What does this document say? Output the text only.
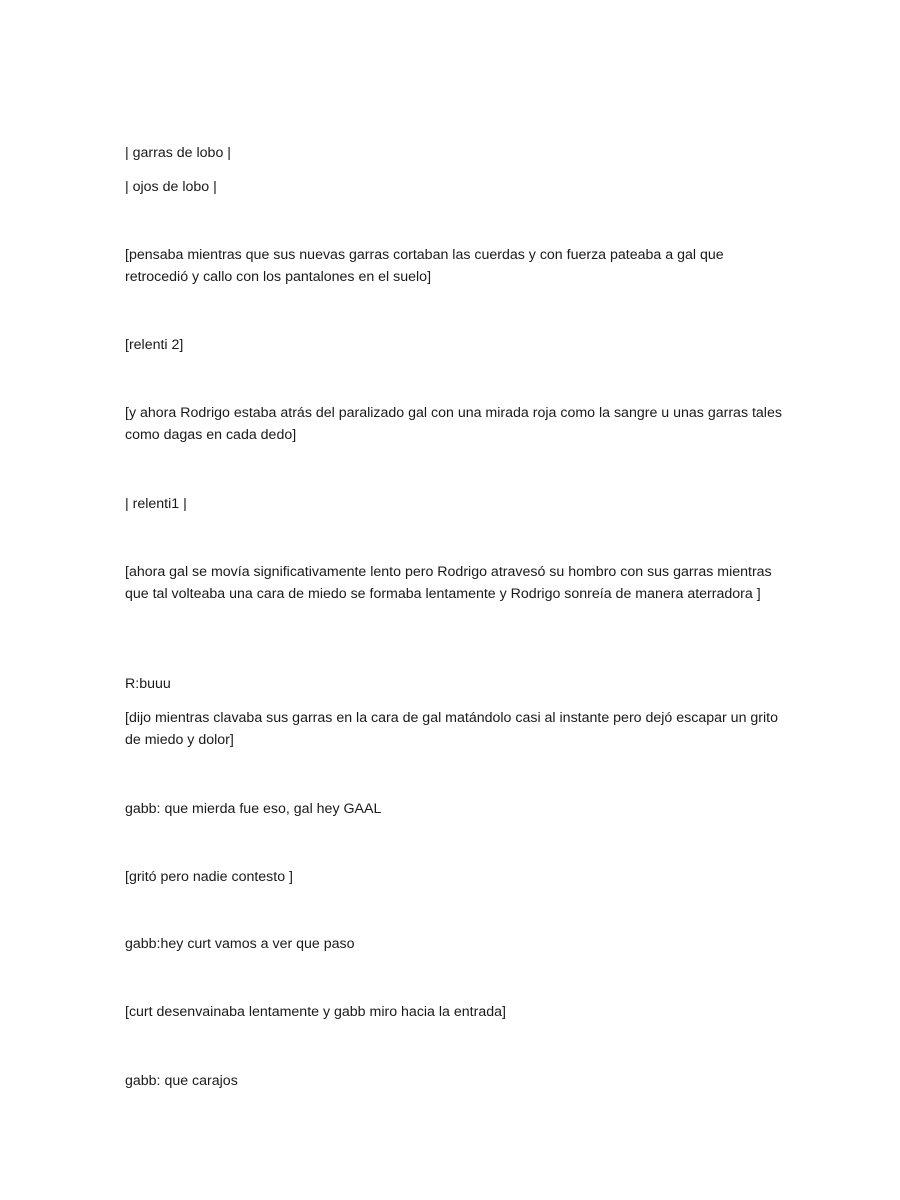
| garras de lobo |

| ojos de lobo |

[pensaba mientras que sus nuevas garras cortaban las cuerdas y con fuerza pateaba a gal que retrocedió y callo con los pantalones en el suelo]

[relenti 2]

[y ahora Rodrigo estaba atrás del paralizado gal con una mirada roja como la sangre u unas garras tales como dagas en cada dedo]

| relenti1 |

[ahora gal se movía significativamente lento pero Rodrigo atravesó su hombro con sus garras mientras que tal volteaba una cara de miedo se formaba lentamente y Rodrigo sonreía de manera aterradora ]

R:buuu

[dijo mientras clavaba sus garras en la cara de gal matándolo casi al instante pero dejó escapar un grito de miedo y dolor]

gabb: que mierda fue eso, gal hey GAAL

[gritó pero nadie contesto ]

gabb:hey curt vamos a ver que paso

[curt desenvainaba lentamente y gabb miro hacia la entrada]

gabb: que carajos
